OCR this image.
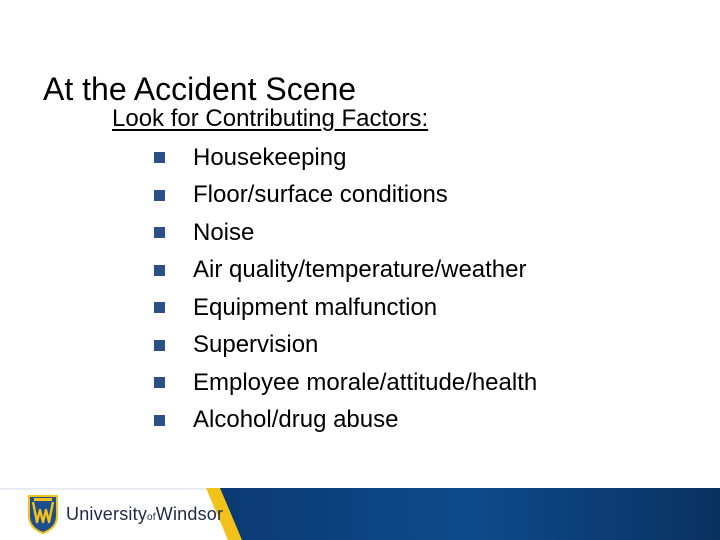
At the Accident Scene
Look for Contributing Factors:
Housekeeping
Floor/surface conditions
Noise
Air quality/temperature/weather
Equipment malfunction
Supervision
Employee morale/attitude/health
Alcohol/drug abuse
UniversityofWindsor
